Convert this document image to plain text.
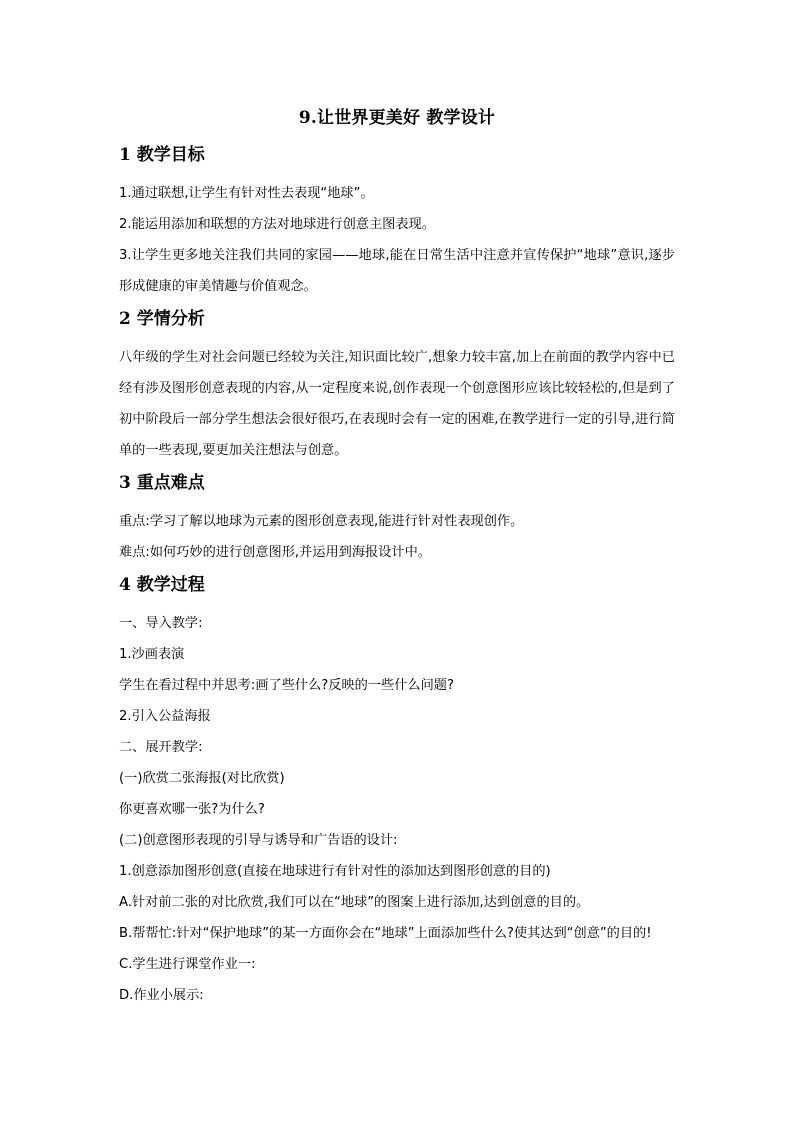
9.让世界更美好 教学设计
1 教学目标

1.通过联想,让学生有针对性去表现“地球”。

2.能运用添加和联想的方法对地球进行创意主图表现。

3.让学生更多地关注我们共同的家园——地球,能在日常生活中注意并宣传保护“地球”意识,逐步形成健康的审美情趣与价值观念。

2 学情分析

八年级的学生对社会问题已经较为关注,知识面比较广,想象力较丰富,加上在前面的教学内容中已经有涉及图形创意表现的内容,从一定程度来说,创作表现一个创意图形应该比较轻松的,但是到了初中阶段后一部分学生想法会很好很巧,在表现时会有一定的困难,在教学进行一定的引导,进行简单的一些表现,要更加关注想法与创意。

3 重点难点

重点:学习了解以地球为元素的图形创意表现,能进行针对性表现创作。

难点:如何巧妙的进行创意图形,并运用到海报设计中。

4 教学过程

一、导入教学:

1.沙画表演

学生在看过程中并思考:画了些什么?反映的一些什么问题?

2.引入公益海报

二、展开教学:

(一)欣赏二张海报(对比欣赏)

你更喜欢哪一张?为什么?

(二)创意图形表现的引导与诱导和广告语的设计:

1.创意添加图形创意(直接在地球进行有针对性的添加达到图形创意的目的)

A.针对前二张的对比欣赏,我们可以在“地球”的图案上进行添加,达到创意的目的。

B.帮帮忙:针对“保护地球”的某一方面你会在“地球”上面添加些什么?使其达到“创意”的目的!

C.学生进行课堂作业一:

D.作业小展示:
